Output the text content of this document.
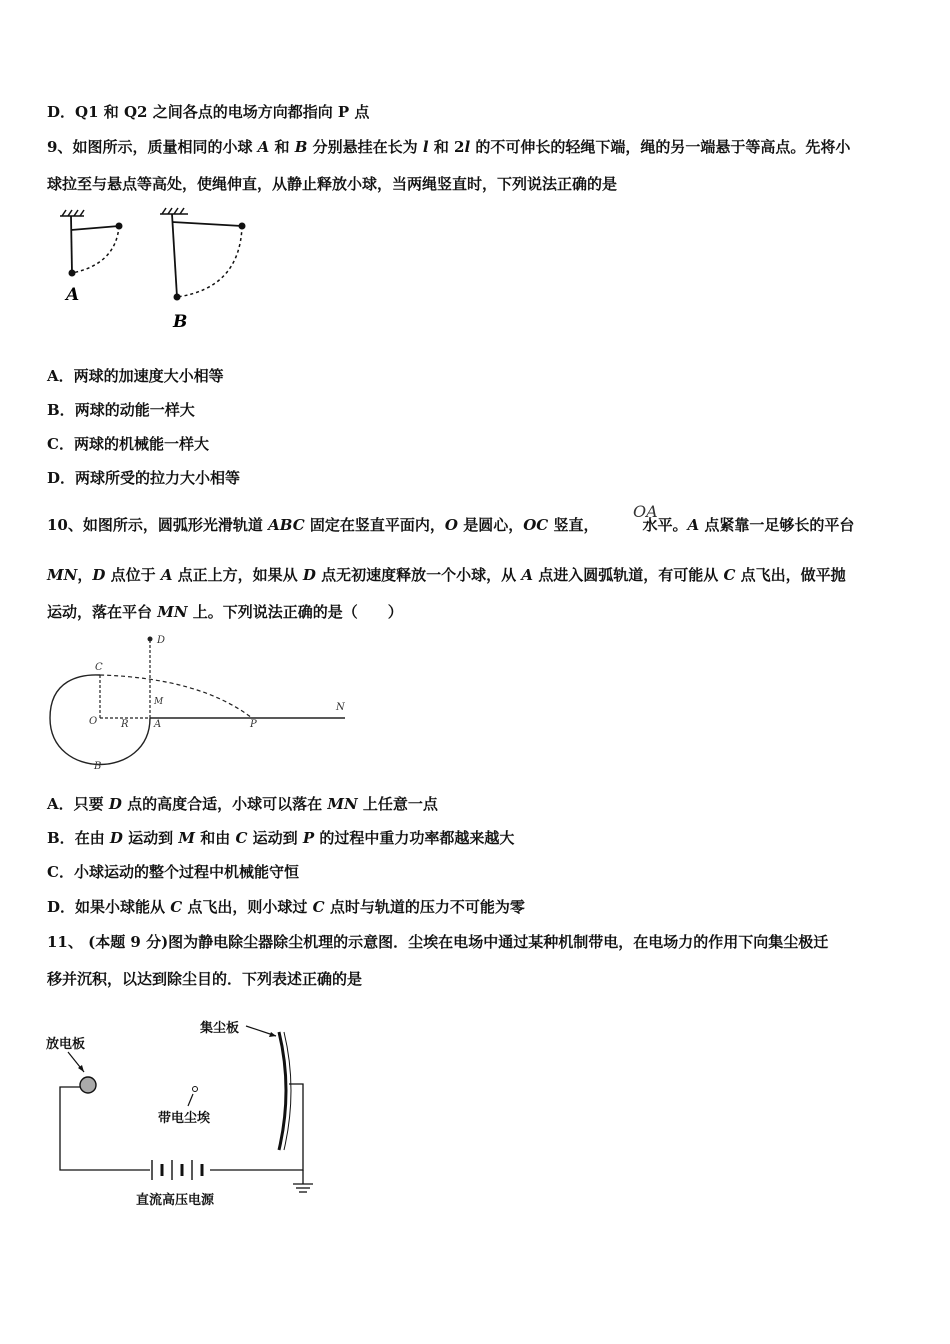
D．Q1 和 Q2 之间各点的电场方向都指向 P 点
9、如图所示，质量相同的小球 A 和 B 分别悬挂在长为 l 和 2l 的不可伸长的轻绳下端，绳的另一端悬于等高点。先将小
球拉至与悬点等高处，使绳伸直，从静止释放小球，当两绳竖直时，下列说法正确的是
A
B
A．两球的加速度大小相等
B．两球的动能一样大
C．两球的机械能一样大
D．两球所受的拉力大小相等
OA
10、如图所示，圆弧形光滑轨道 ABC 固定在竖直平面内，O 是圆心，OC 竖直，	水平。A 点紧靠一足够长的平台
MN，D 点位于 A 点正上方，如果从 D 点无初速度释放一个小球，从 A 点进入圆弧轨道，有可能从 C 点飞出，做平抛
运动，落在平台 MN 上。下列说法正确的是（　　）
D
C
M
O R	A	P
N
B
A．只要 D 点的高度合适，小球可以落在 MN 上任意一点
B．在由 D 运动到 M 和由 C 运动到 P 的过程中重力功率都越来越大
C．小球运动的整个过程中机械能守恒
D．如果小球能从 C 点飞出，则小球过 C 点时与轨道的压力不可能为零
11、 (本题 9 分)图为静电除尘器除尘机理的示意图．尘埃在电场中通过某种机制带电，在电场力的作用下向集尘极迁
移并沉积，以达到除尘目的．下列表述正确的是
放电板
集尘板
带电尘埃
直流高压电源
